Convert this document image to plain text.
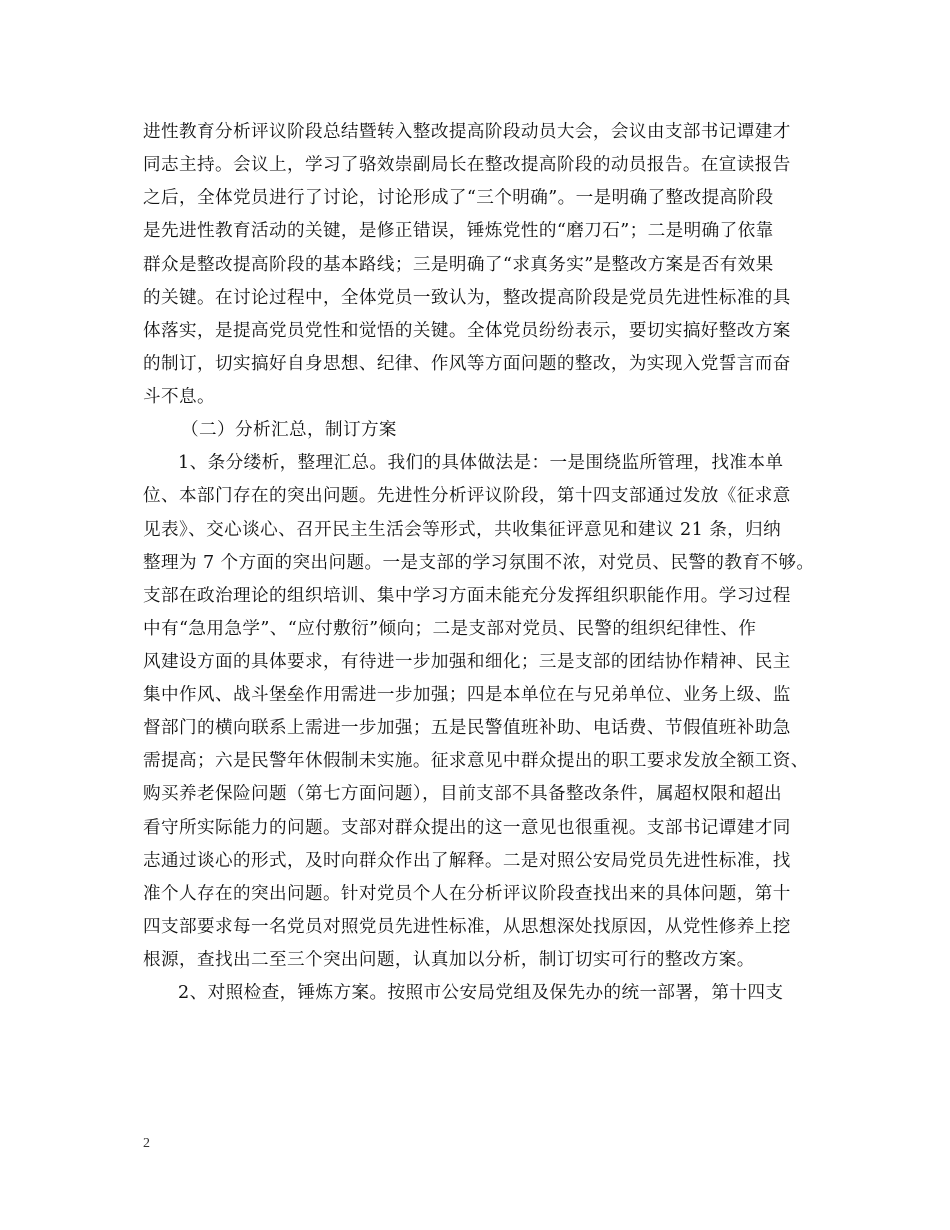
进性教育分析评议阶段总结暨转入整改提高阶段动员大会，会议由支部书记谭建才
同志主持。会议上，学习了骆效崇副局长在整改提高阶段的动员报告。在宣读报告
之后，全体党员进行了讨论，讨论形成了“三个明确”。一是明确了整改提高阶段
是先进性教育活动的关键，是修正错误，锤炼党性的“磨刀石”；二是明确了依靠
群众是整改提高阶段的基本路线；三是明确了“求真务实”是整改方案是否有效果
的关键。在讨论过程中，全体党员一致认为，整改提高阶段是党员先进性标准的具
体落实，是提高党员党性和觉悟的关键。全体党员纷纷表示，要切实搞好整改方案
的制订，切实搞好自身思想、纪律、作风等方面问题的整改，为实现入党誓言而奋
斗不息。
（二）分析汇总，制订方案
1、条分缕析，整理汇总。我们的具体做法是：一是围绕监所管理，找准本单
位、本部门存在的突出问题。先进性分析评议阶段，第十四支部通过发放《征求意
见表》、交心谈心、召开民主生活会等形式，共收集征评意见和建议 21 条，归纳
整理为 7 个方面的突出问题。一是支部的学习氛围不浓，对党员、民警的教育不够。
支部在政治理论的组织培训、集中学习方面未能充分发挥组织职能作用。学习过程
中有“急用急学”、“应付敷衍”倾向；二是支部对党员、民警的组织纪律性、作
风建设方面的具体要求，有待进一步加强和细化；三是支部的团结协作精神、民主
集中作风、战斗堡垒作用需进一步加强；四是本单位在与兄弟单位、业务上级、监
督部门的横向联系上需进一步加强；五是民警值班补助、电话费、节假值班补助急
需提高；六是民警年休假制未实施。征求意见中群众提出的职工要求发放全额工资、
购买养老保险问题（第七方面问题），目前支部不具备整改条件，属超权限和超出
看守所实际能力的问题。支部对群众提出的这一意见也很重视。支部书记谭建才同
志通过谈心的形式，及时向群众作出了解释。二是对照公安局党员先进性标准，找
准个人存在的突出问题。针对党员个人在分析评议阶段查找出来的具体问题，第十
四支部要求每一名党员对照党员先进性标准，从思想深处找原因，从党性修养上挖
根源，查找出二至三个突出问题，认真加以分析，制订切实可行的整改方案。
2、对照检查，锤炼方案。按照市公安局党组及保先办的统一部署，第十四支
2
